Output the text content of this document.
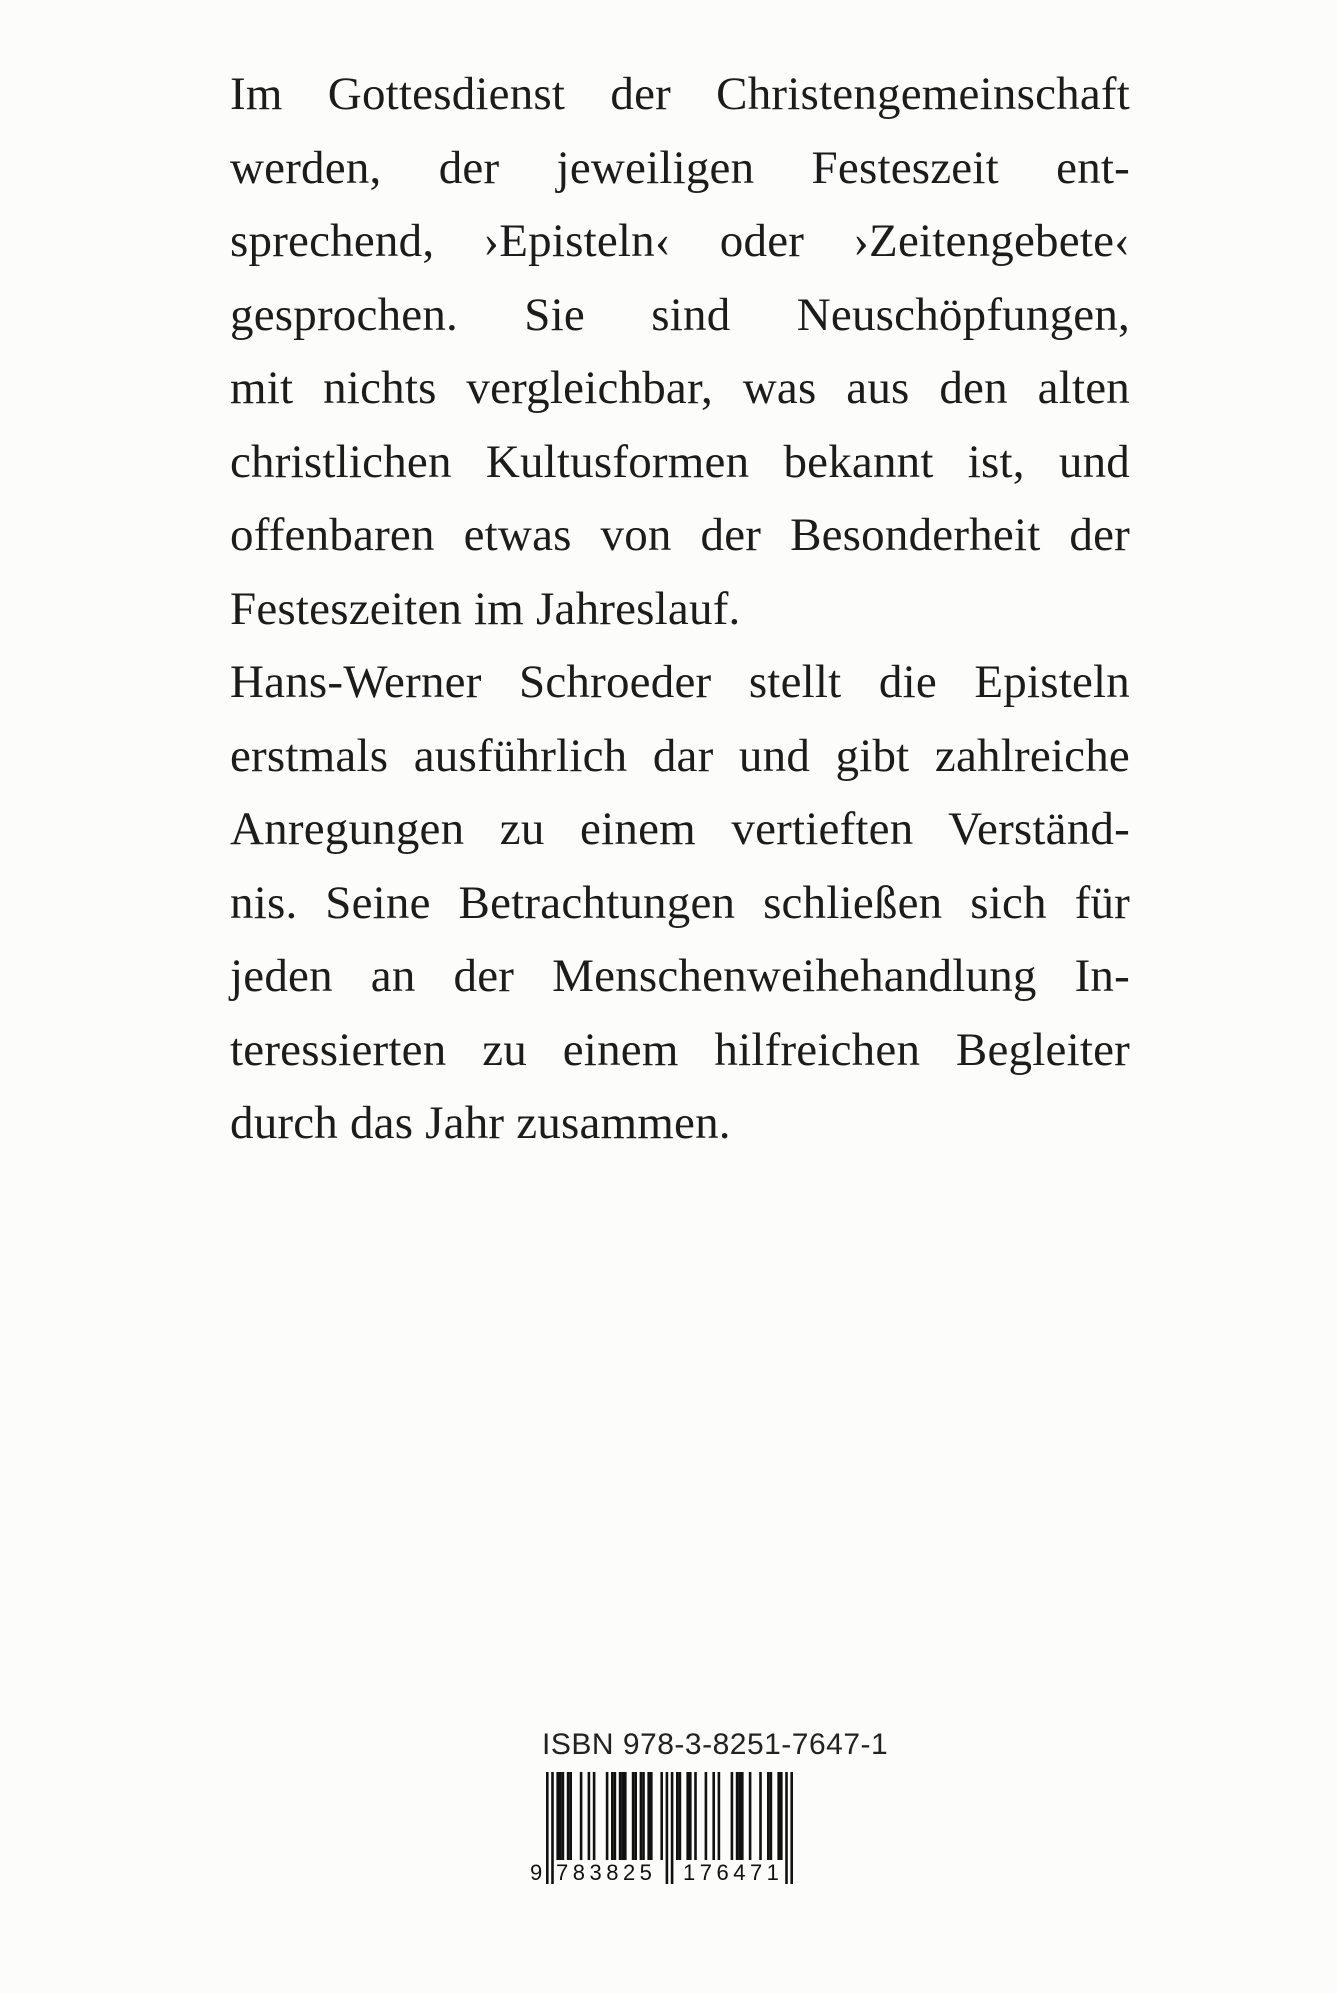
Im Gottesdienst der Christengemeinschaft
werden, der jeweiligen Festeszeit ent-
sprechend, ›Episteln‹ oder ›Zeitengebete‹
gesprochen. Sie sind Neuschöpfungen,
mit nichts vergleichbar, was aus den alten
christlichen Kultusformen bekannt ist, und
offenbaren etwas von der Besonderheit der
Festeszeiten im Jahreslauf.
Hans-Werner Schroeder stellt die Episteln
erstmals ausführlich dar und gibt zahlreiche
Anregungen zu einem vertieften Verständ-
nis. Seine Betrachtungen schließen sich für
jeden an der Menschenweihehandlung In-
teressierten zu einem hilfreichen Begleiter
durch das Jahr zusammen.
ISBN 978-3-8251-7647-1
9 783825 176471
